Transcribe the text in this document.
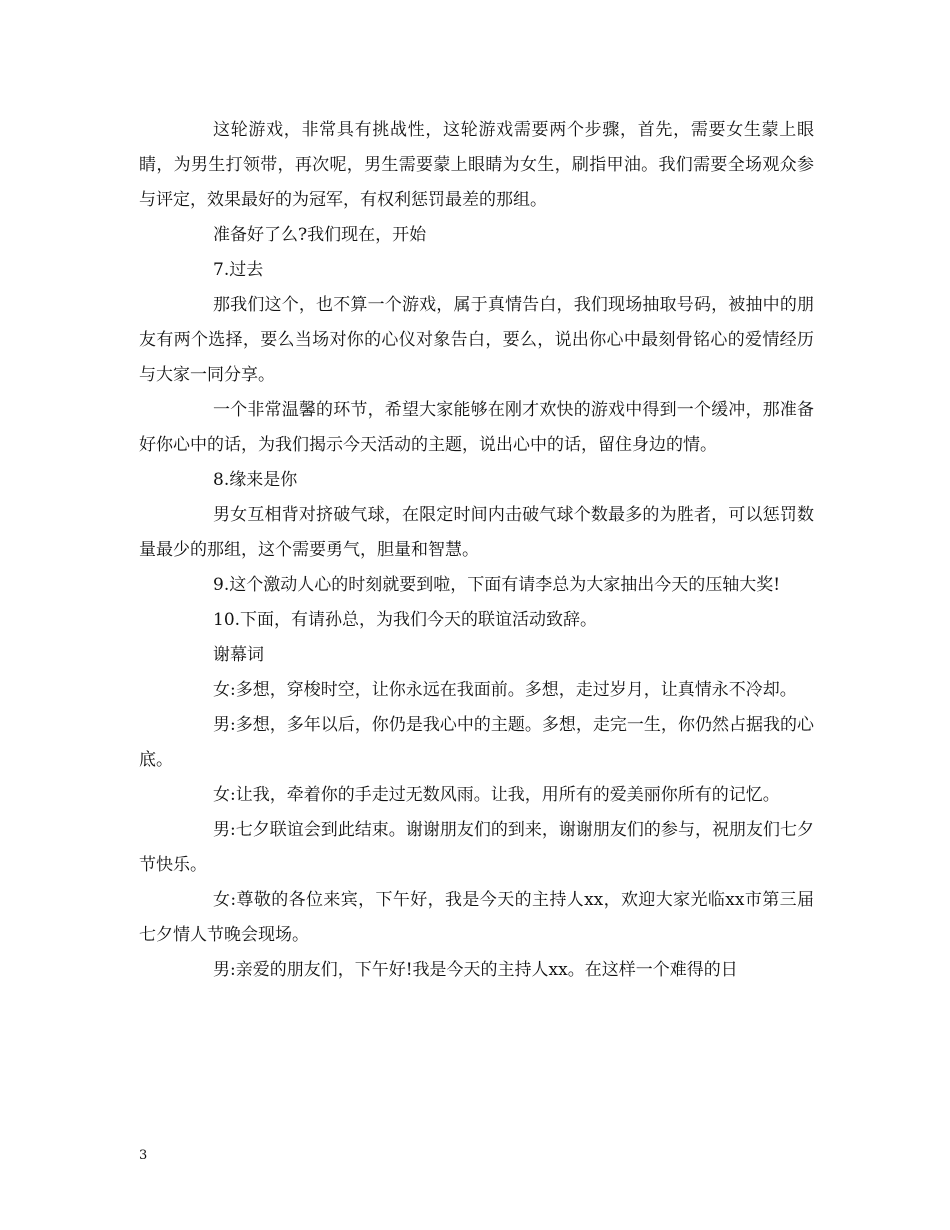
这轮游戏，非常具有挑战性，这轮游戏需要两个步骤，首先，需要女生蒙上眼睛，为男生打领带，再次呢，男生需要蒙上眼睛为女生，刷指甲油。我们需要全场观众参与评定，效果最好的为冠军，有权利惩罚最差的那组。

准备好了么?我们现在，开始

7.过去

那我们这个，也不算一个游戏，属于真情告白，我们现场抽取号码，被抽中的朋友有两个选择，要么当场对你的心仪对象告白，要么，说出你心中最刻骨铭心的爱情经历与大家一同分享。

一个非常温馨的环节，希望大家能够在刚才欢快的游戏中得到一个缓冲，那准备好你心中的话，为我们揭示今天活动的主题，说出心中的话，留住身边的情。

8.缘来是你

男女互相背对挤破气球，在限定时间内击破气球个数最多的为胜者，可以惩罚数量最少的那组，这个需要勇气，胆量和智慧。

9.这个激动人心的时刻就要到啦，下面有请李总为大家抽出今天的压轴大奖!

10.下面，有请孙总，为我们今天的联谊活动致辞。

谢幕词

女:多想，穿梭时空，让你永远在我面前。多想，走过岁月，让真情永不冷却。

男:多想，多年以后，你仍是我心中的主题。多想，走完一生，你仍然占据我的心底。

女:让我，牵着你的手走过无数风雨。让我，用所有的爱美丽你所有的记忆。

男:七夕联谊会到此结束。谢谢朋友们的到来，谢谢朋友们的参与，祝朋友们七夕节快乐。

女:尊敬的各位来宾，下午好，我是今天的主持人xx，欢迎大家光临xx市第三届七夕情人节晚会现场。

男:亲爱的朋友们，下午好!我是今天的主持人xx。在这样一个难得的日

3
